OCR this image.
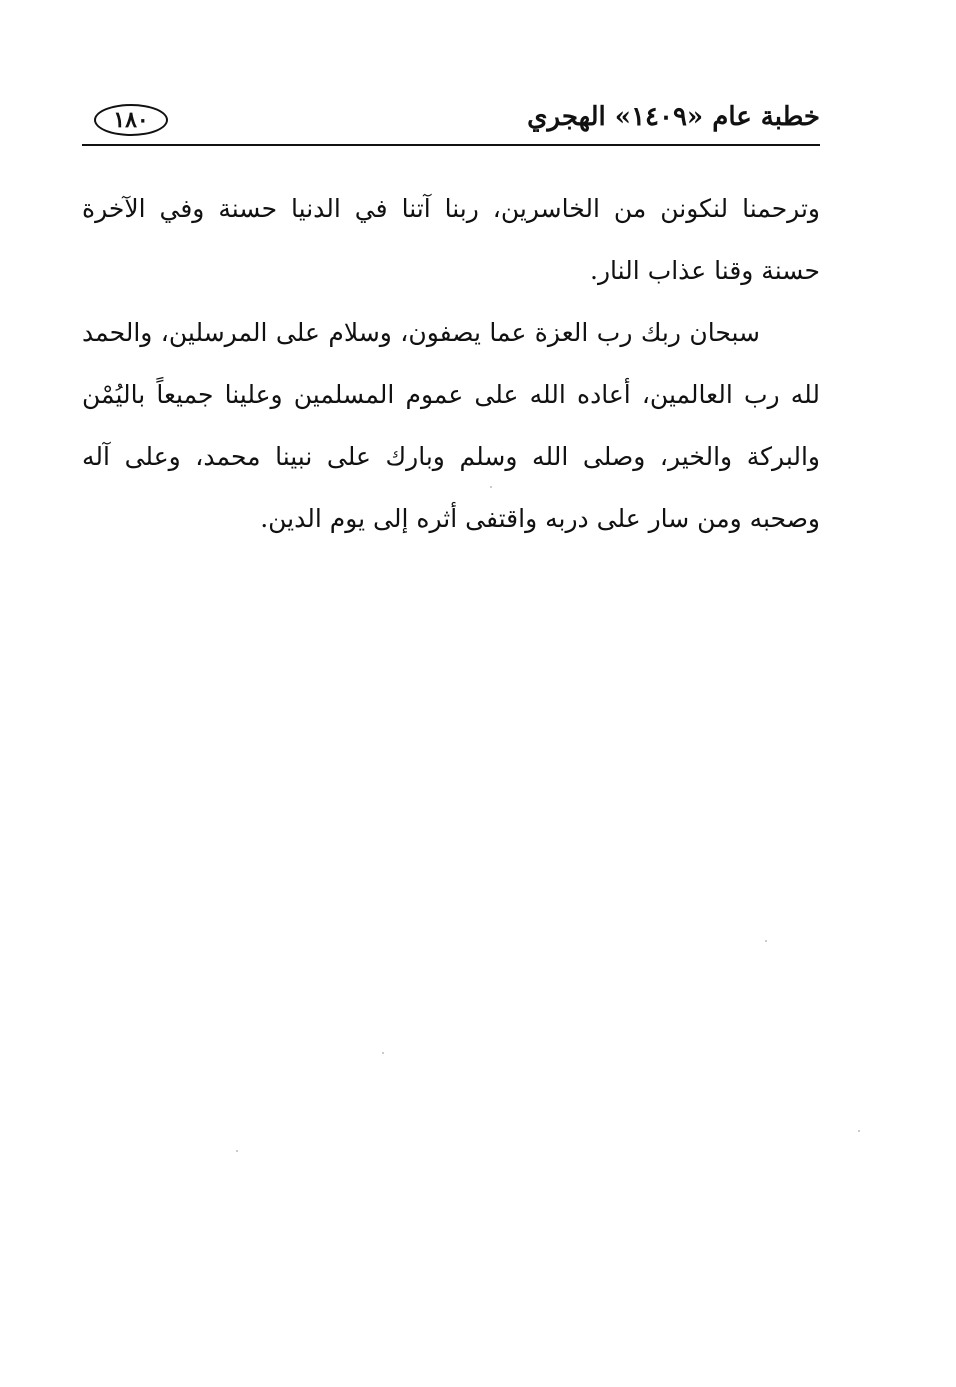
خطبة عام «١٤٠٩» الهجري
١٨٠

وترحمنا لنكونن من الخاسرين، ربنا آتنا في الدنيا حسنة وفي الآخرة حسنة وقنا عذاب النار.

سبحان ربك رب العزة عما يصفون، وسلام على المرسلين، والحمد لله رب العالمين، أعاده الله على عموم المسلمين وعلينا جميعاً باليُمْن والبركة والخير، وصلى الله وسلم وبارك على نبينا محمد، وعلى آله وصحبه ومن سار على دربه واقتفى أثره إلى يوم الدين.
